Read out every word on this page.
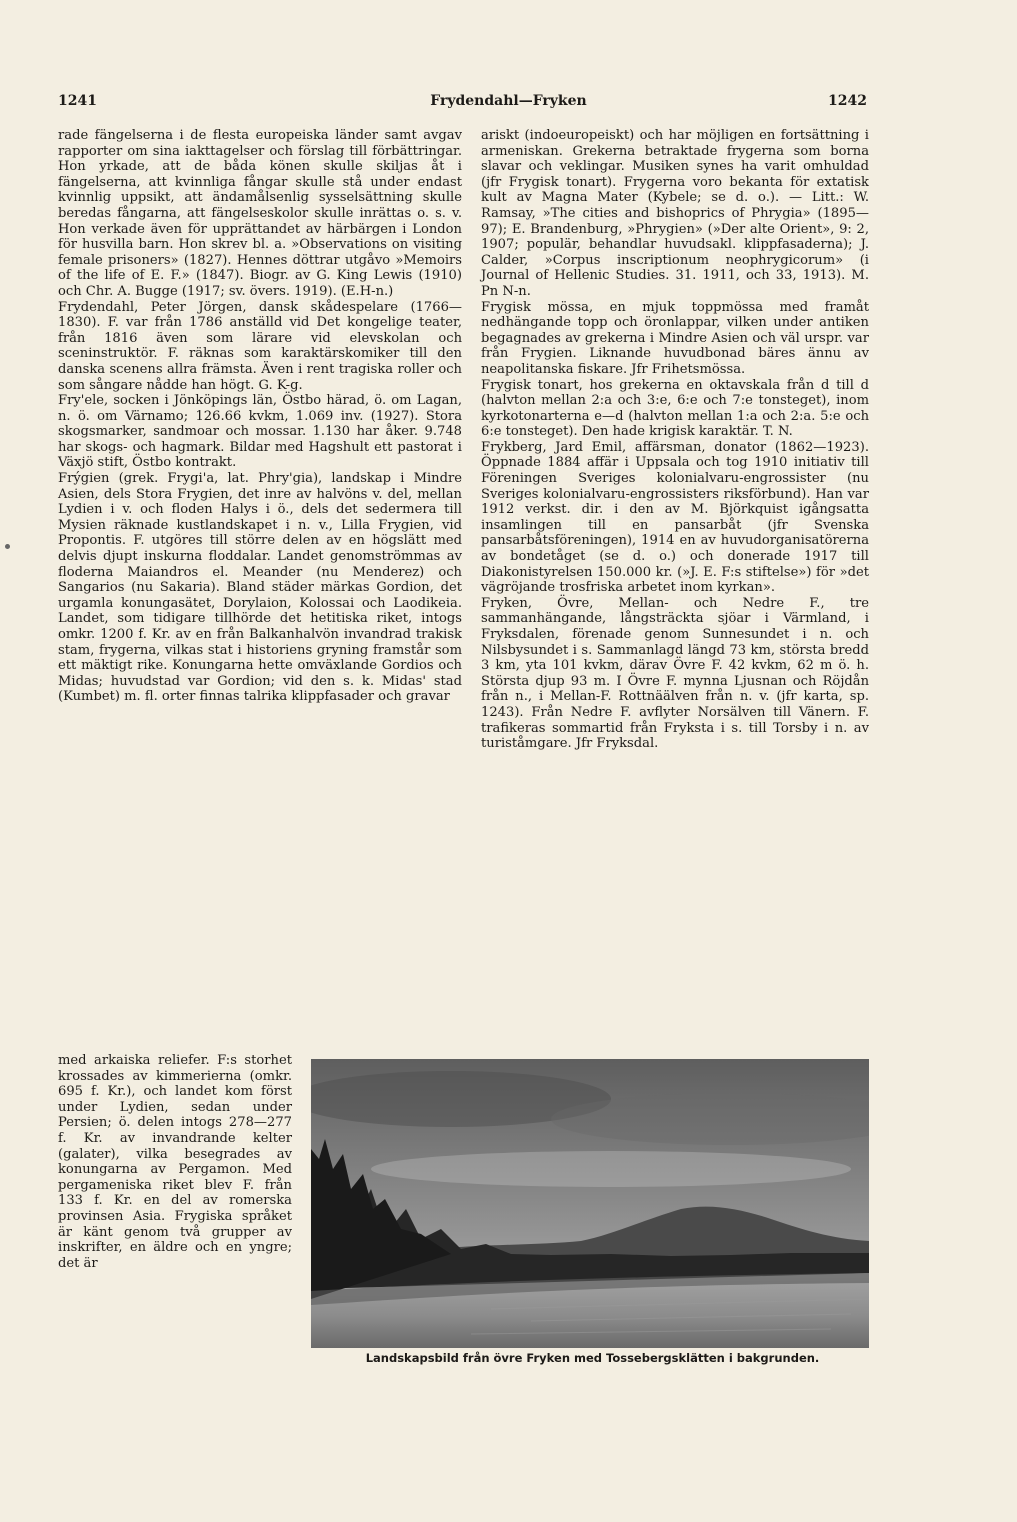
1241	Frydendahl—Fryken	1242

rade fängelserna i de flesta europeiska länder samt avgav rapporter om sina iakttagelser och förslag till förbättringar. Hon yrkade, att de båda könen skulle skiljas åt i fängelserna, att kvinnliga fångar skulle stå under endast kvinnlig uppsikt, att ändamålsenlig sysselsättning skulle beredas fångarna, att fängelseskolor skulle inrättas o. s. v. Hon verkade även för upprättandet av härbärgen i London för husvilla barn. Hon skrev bl. a. »Observations on visiting female prisoners» (1827). Hennes döttrar utgåvo »Memoirs of the life of E. F.» (1847). Biogr. av G. King Lewis (1910) och Chr. A. Bugge (1917; sv. övers. 1919). (E.H-n.)

Frydendahl, Peter Jörgen, dansk skådespelare (1766—1830). F. var från 1786 anställd vid Det kongelige teater, från 1816 även som lärare vid elevskolan och sceninstruktör. F. räknas som karaktärskomiker till den danska scenens allra främsta. Även i rent tragiska roller och som sångare nådde han högt. G. K-g.

Fry'ele, socken i Jönköpings län, Östbo härad, ö. om Lagan, n. ö. om Värnamo; 126.66 kvkm, 1.069 inv. (1927). Stora skogsmarker, sandmoar och mossar. 1.130 har åker. 9.748 har skogs- och hagmark. Bildar med Hagshult ett pastorat i Växjö stift, Östbo kontrakt.

Frýgien (grek. Frygi'a, lat. Phry'gia), landskap i Mindre Asien, dels Stora Frygien, det inre av halvöns v. del, mellan Lydien i v. och floden Halys i ö., dels det sedermera till Mysien räknade kustlandskapet i n. v., Lilla Frygien, vid Propontis. F. utgöres till större delen av en högslätt med delvis djupt inskurna floddalar. Landet genomströmmas av floderna Maiandros el. Meander (nu Menderez) och Sangarios (nu Sakaria). Bland städer märkas Gordion, det urgamla konungasätet, Dorylaion, Kolossai och Laodikeia. Landet, som tidigare tillhörde det hetitiska riket, intogs omkr. 1200 f. Kr. av en från Balkanhalvön invandrad trakisk stam, frygerna, vilkas stat i historiens gryning framstår som ett mäktigt rike. Konungarna hette omväxlande Gordios och Midas; huvudstad var Gordion; vid den s. k. Midas' stad (Kumbet) m. fl. orter finnas talrika klippfasader och gravar

med arkaiska reliefer. F:s storhet krossades av kimmerierna (omkr. 695 f. Kr.), och landet kom först under Lydien, sedan under Persien; ö. delen intogs 278—277 f. Kr. av invandrande kelter (galater), vilka besegrades av konungarna av Pergamon. Med pergameniska riket blev F. från 133 f. Kr. en del av romerska provinsen Asia. Frygiska språket är känt genom två grupper av inskrifter, en äldre och en yngre; det är

ariskt (indoeuropeiskt) och har möjligen en fortsättning i armeniskan. Grekerna betraktade frygerna som borna slavar och veklingar. Musiken synes ha varit omhuldad (jfr Frygisk tonart). Frygerna voro bekanta för extatisk kult av Magna Mater (Kybele; se d. o.). — Litt.: W. Ramsay, »The cities and bishoprics of Phrygia» (1895—97); E. Brandenburg, »Phrygien» (»Der alte Orient», 9: 2, 1907; populär, behandlar huvudsakl. klippfasaderna); J. Calder, »Corpus inscriptionum neophrygicorum» (i Journal of Hellenic Studies. 31. 1911, och 33, 1913). M. Pn N-n.

Frygisk mössa, en mjuk toppmössa med framåt nedhängande topp och öronlappar, vilken under antiken begagnades av grekerna i Mindre Asien och väl urspr. var från Frygien. Liknande huvudbonad bäres ännu av neapolitanska fiskare. Jfr Frihetsmössa.

Frygisk tonart, hos grekerna en oktavskala från d till d (halvton mellan 2:a och 3:e, 6:e och 7:e tonsteget), inom kyrkotonarterna e—d (halvton mellan 1:a och 2:a. 5:e och 6:e tonsteget). Den hade krigisk karaktär. T. N.

Frykberg, Jard Emil, affärsman, donator (1862—1923). Öppnade 1884 affär i Uppsala och tog 1910 initiativ till Föreningen Sveriges kolonialvaru-engrossister (nu Sveriges kolonialvaru-engrossisters riksförbund). Han var 1912 verkst. dir. i den av M. Björkquist igångsatta insamlingen till en pansarbåt (jfr Svenska pansarbåtsföreningen), 1914 en av huvudorganisatörerna av bondetåget (se d. o.) och donerade 1917 till Diakonistyrelsen 150.000 kr. (»J. E. F:s stiftelse») för »det vägröjande trosfriska arbetet inom kyrkan».

Fryken, Övre, Mellan- och Nedre F., tre sammanhängande, långsträckta sjöar i Värmland, i Fryksdalen, förenade genom Sunnesundet i n. och Nilsbysundet i s. Sammanlagd längd 73 km, största bredd 3 km, yta 101 kvkm, därav Övre F. 42 kvkm, 62 m ö. h. Största djup 93 m. I Övre F. mynna Ljusnan och Röjdån från n., i Mellan-F. Rottnäälven från n. v. (jfr karta, sp. 1243). Från Nedre F. avflyter Norsälven till Vänern. F. trafikeras sommartid från Fryksta i s. till Torsby i n. av turiståmgare. Jfr Fryksdal.

Landskapsbild från övre Fryken med Tossebergsklätten i bakgrunden.
